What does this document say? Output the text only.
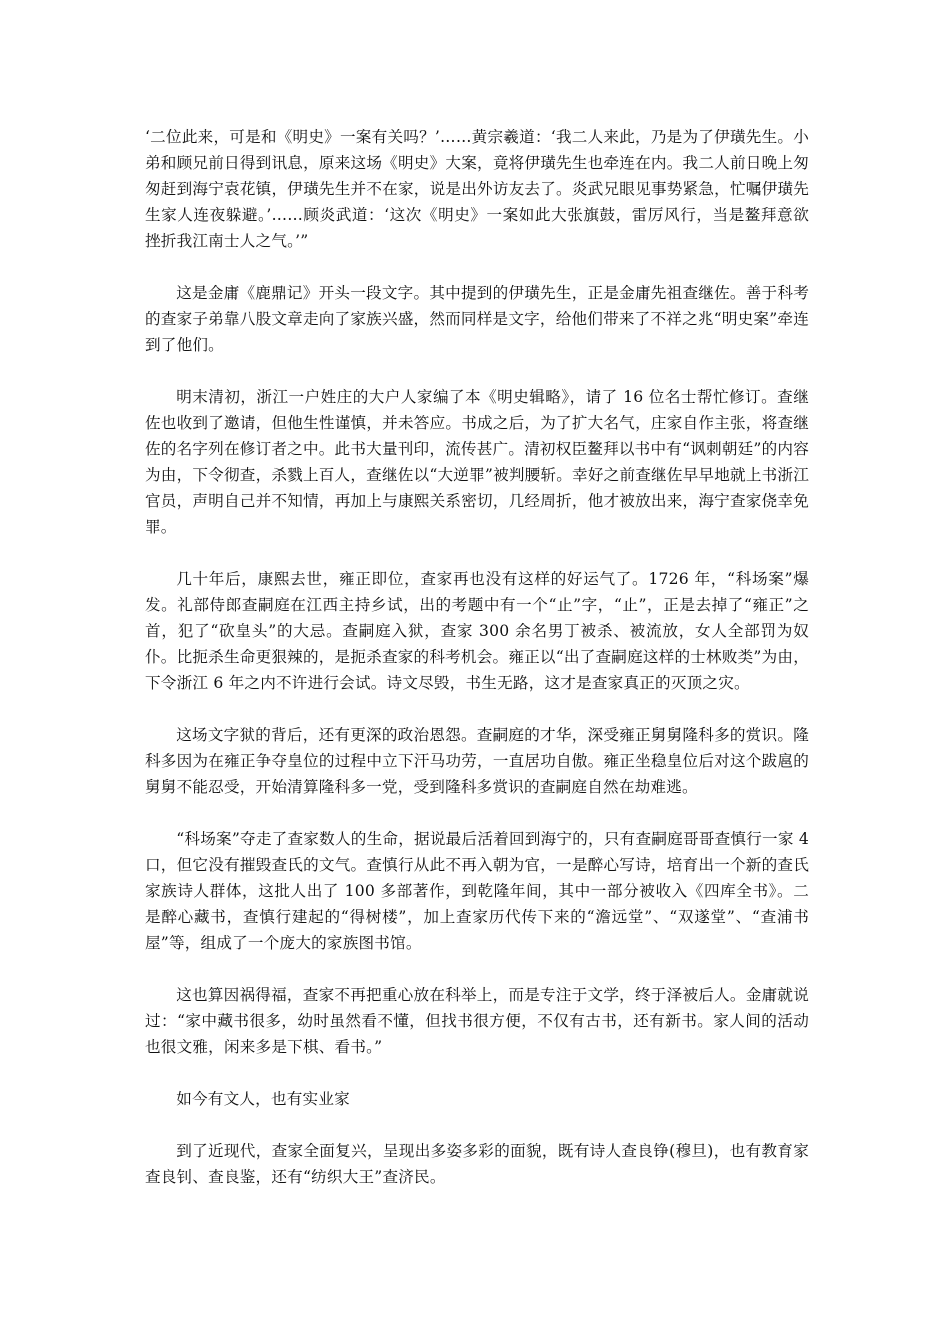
‘二位此来，可是和《明史》一案有关吗？’……黄宗羲道：‘我二人来此，乃是为了伊璜先生。小弟和顾兄前日得到讯息，原来这场《明史》大案，竟将伊璜先生也牵连在内。我二人前日晚上匆匆赶到海宁袁花镇，伊璜先生并不在家，说是出外访友去了。炎武兄眼见事势紧急，忙嘱伊璜先生家人连夜躲避。’……顾炎武道：‘这次《明史》一案如此大张旗鼓，雷厉风行，当是鳌拜意欲挫折我江南士人之气。’”

这是金庸《鹿鼎记》开头一段文字。其中提到的伊璜先生，正是金庸先祖查继佐。善于科考的查家子弟靠八股文章走向了家族兴盛，然而同样是文字，给他们带来了不祥之兆“明史案”牵连到了他们。

明末清初，浙江一户姓庄的大户人家编了本《明史辑略》，请了 16 位名士帮忙修订。查继佐也收到了邀请，但他生性谨慎，并未答应。书成之后，为了扩大名气，庄家自作主张，将查继佐的名字列在修订者之中。此书大量刊印，流传甚广。清初权臣鳌拜以书中有“讽刺朝廷”的内容为由，下令彻查，杀戮上百人，查继佐以“大逆罪”被判腰斩。幸好之前查继佐早早地就上书浙江官员，声明自己并不知情，再加上与康熙关系密切，几经周折，他才被放出来，海宁查家侥幸免罪。

几十年后，康熙去世，雍正即位，查家再也没有这样的好运气了。1726 年，“科场案”爆发。礼部侍郎查嗣庭在江西主持乡试，出的考题中有一个“止”字，“止”，正是去掉了“雍正”之首，犯了“砍皇头”的大忌。查嗣庭入狱，查家 300 余名男丁被杀、被流放，女人全部罚为奴仆。比扼杀生命更狠辣的，是扼杀查家的科考机会。雍正以“出了查嗣庭这样的士林败类”为由，下令浙江 6 年之内不许进行会试。诗文尽毁，书生无路，这才是查家真正的灭顶之灾。

这场文字狱的背后，还有更深的政治恩怨。查嗣庭的才华，深受雍正舅舅隆科多的赏识。隆科多因为在雍正争夺皇位的过程中立下汗马功劳，一直居功自傲。雍正坐稳皇位后对这个跋扈的舅舅不能忍受，开始清算隆科多一党，受到隆科多赏识的查嗣庭自然在劫难逃。

“科场案”夺走了查家数人的生命，据说最后活着回到海宁的，只有查嗣庭哥哥查慎行一家 4 口，但它没有摧毁查氏的文气。查慎行从此不再入朝为官，一是醉心写诗，培育出一个新的查氏家族诗人群体，这批人出了 100 多部著作，到乾隆年间，其中一部分被收入《四库全书》。二是醉心藏书，查慎行建起的“得树楼”，加上查家历代传下来的“澹远堂”、“双遂堂”、“查浦书屋”等，组成了一个庞大的家族图书馆。

这也算因祸得福，查家不再把重心放在科举上，而是专注于文学，终于泽被后人。金庸就说过：“家中藏书很多，幼时虽然看不懂，但找书很方便，不仅有古书，还有新书。家人间的活动也很文雅，闲来多是下棋、看书。”

如今有文人，也有实业家

到了近现代，查家全面复兴，呈现出多姿多彩的面貌，既有诗人查良铮(穆旦)，也有教育家查良钊、查良鉴，还有“纺织大王”查济民。
